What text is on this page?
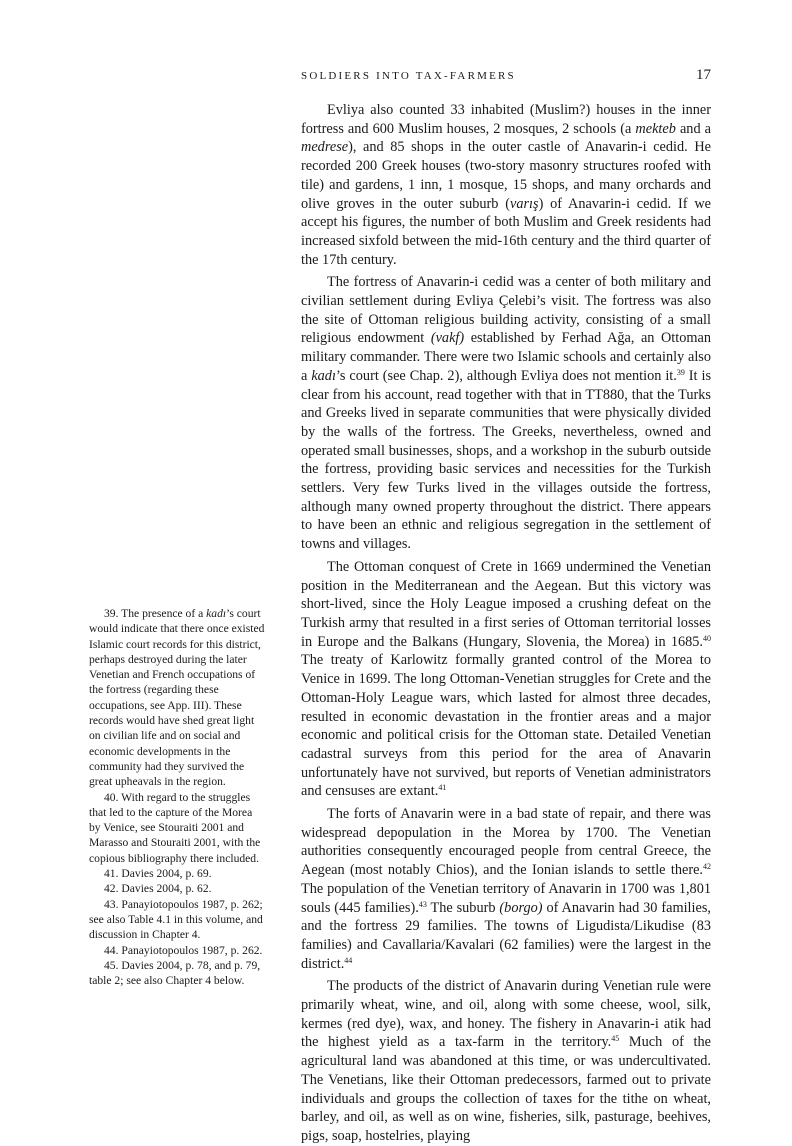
SOLDIERS INTO TAX-FARMERS	17

Evliya also counted 33 inhabited (Muslim?) houses in the inner fortress and 600 Muslim houses, 2 mosques, 2 schools (a mekteb and a medrese), and 85 shops in the outer castle of Anavarin-i cedid. He recorded 200 Greek houses (two-story masonry structures roofed with tile) and gardens, 1 inn, 1 mosque, 15 shops, and many orchards and olive groves in the outer suburb (varış) of Anavarin-i cedid. If we accept his figures, the number of both Muslim and Greek residents had increased sixfold between the mid-16th century and the third quarter of the 17th century.

The fortress of Anavarin-i cedid was a center of both military and civilian settlement during Evliya Çelebi’s visit. The fortress was also the site of Ottoman religious building activity, consisting of a small religious endowment (vakf) established by Ferhad Ağa, an Ottoman military commander. There were two Islamic schools and certainly also a kadı’s court (see Chap. 2), although Evliya does not mention it.$^{39}$ It is clear from his account, read together with that in TT880, that the Turks and Greeks lived in separate communities that were physically divided by the walls of the fortress. The Greeks, nevertheless, owned and operated small businesses, shops, and a workshop in the suburb outside the fortress, providing basic services and necessities for the Turkish settlers. Very few Turks lived in the villages outside the fortress, although many owned property throughout the district. There appears to have been an ethnic and religious segregation in the settlement of towns and villages.

The Ottoman conquest of Crete in 1669 undermined the Venetian position in the Mediterranean and the Aegean. But this victory was short-lived, since the Holy League imposed a crushing defeat on the Turkish army that resulted in a first series of Ottoman territorial losses in Europe and the Balkans (Hungary, Slovenia, the Morea) in 1685.40 The treaty of Karlowitz formally granted control of the Morea to Venice in 1699. The long Ottoman-Venetian struggles for Crete and the Ottoman-Holy League wars, which lasted for almost three decades, resulted in economic devastation in the frontier areas and a major economic and political crisis for the Ottoman state. Detailed Venetian cadastral surveys from this period for the area of Anavarin unfortunately have not survived, but reports of Venetian administrators and censuses are extant.$^{41}$

The forts of Anavarin were in a bad state of repair, and there was widespread depopulation in the Morea by 1700. The Venetian authorities consequently encouraged people from central Greece, the Aegean (most notably Chios), and the Ionian islands to settle there.$^{42}$ The population of the Venetian territory of Anavarin in 1700 was 1,801 souls (445 families).$^{43}$ The suburb (borgo) of Anavarin had 30 families, and the fortress 29 families. The towns of Ligudista/Likudise (83 families) and Cavallaria/Kavalari (62 families) were the largest in the district.$^{44}$

The products of the district of Anavarin during Venetian rule were primarily wheat, wine, and oil, along with some cheese, wool, silk, kermes (red dye), wax, and honey. The fishery in Anavarin-i atik had the highest yield as a tax-farm in the territory.$^{45}$ Much of the agricultural land was abandoned at this time, or was undercultivated. The Venetians, like their Ottoman predecessors, farmed out to private individuals and groups the collection of taxes for the tithe on wheat, barley, and oil, as well as on wine, fisheries, silk, pasturage, beehives, pigs, soap, hostelries, playing

39. The presence of a kadı’s court would indicate that there once existed Islamic court records for this district, perhaps destroyed during the later Venetian and French occupations of the fortress (regarding these occupations, see App. III). These records would have shed great light on civilian life and on social and economic developments in the community had they survived the great upheavals in the region.

40. With regard to the struggles that led to the capture of the Morea by Venice, see Stouraiti 2001 and Marasso and Stouraiti 2001, with the copious bibliography there included.

41. Davies 2004, p. 69.

42. Davies 2004, p. 62.

43. Panayiotopoulos 1987, p. 262; see also Table 4.1 in this volume, and discussion in Chapter 4.

44. Panayiotopoulos 1987, p. 262.

45. Davies 2004, p. 78, and p. 79, table 2; see also Chapter 4 below.
